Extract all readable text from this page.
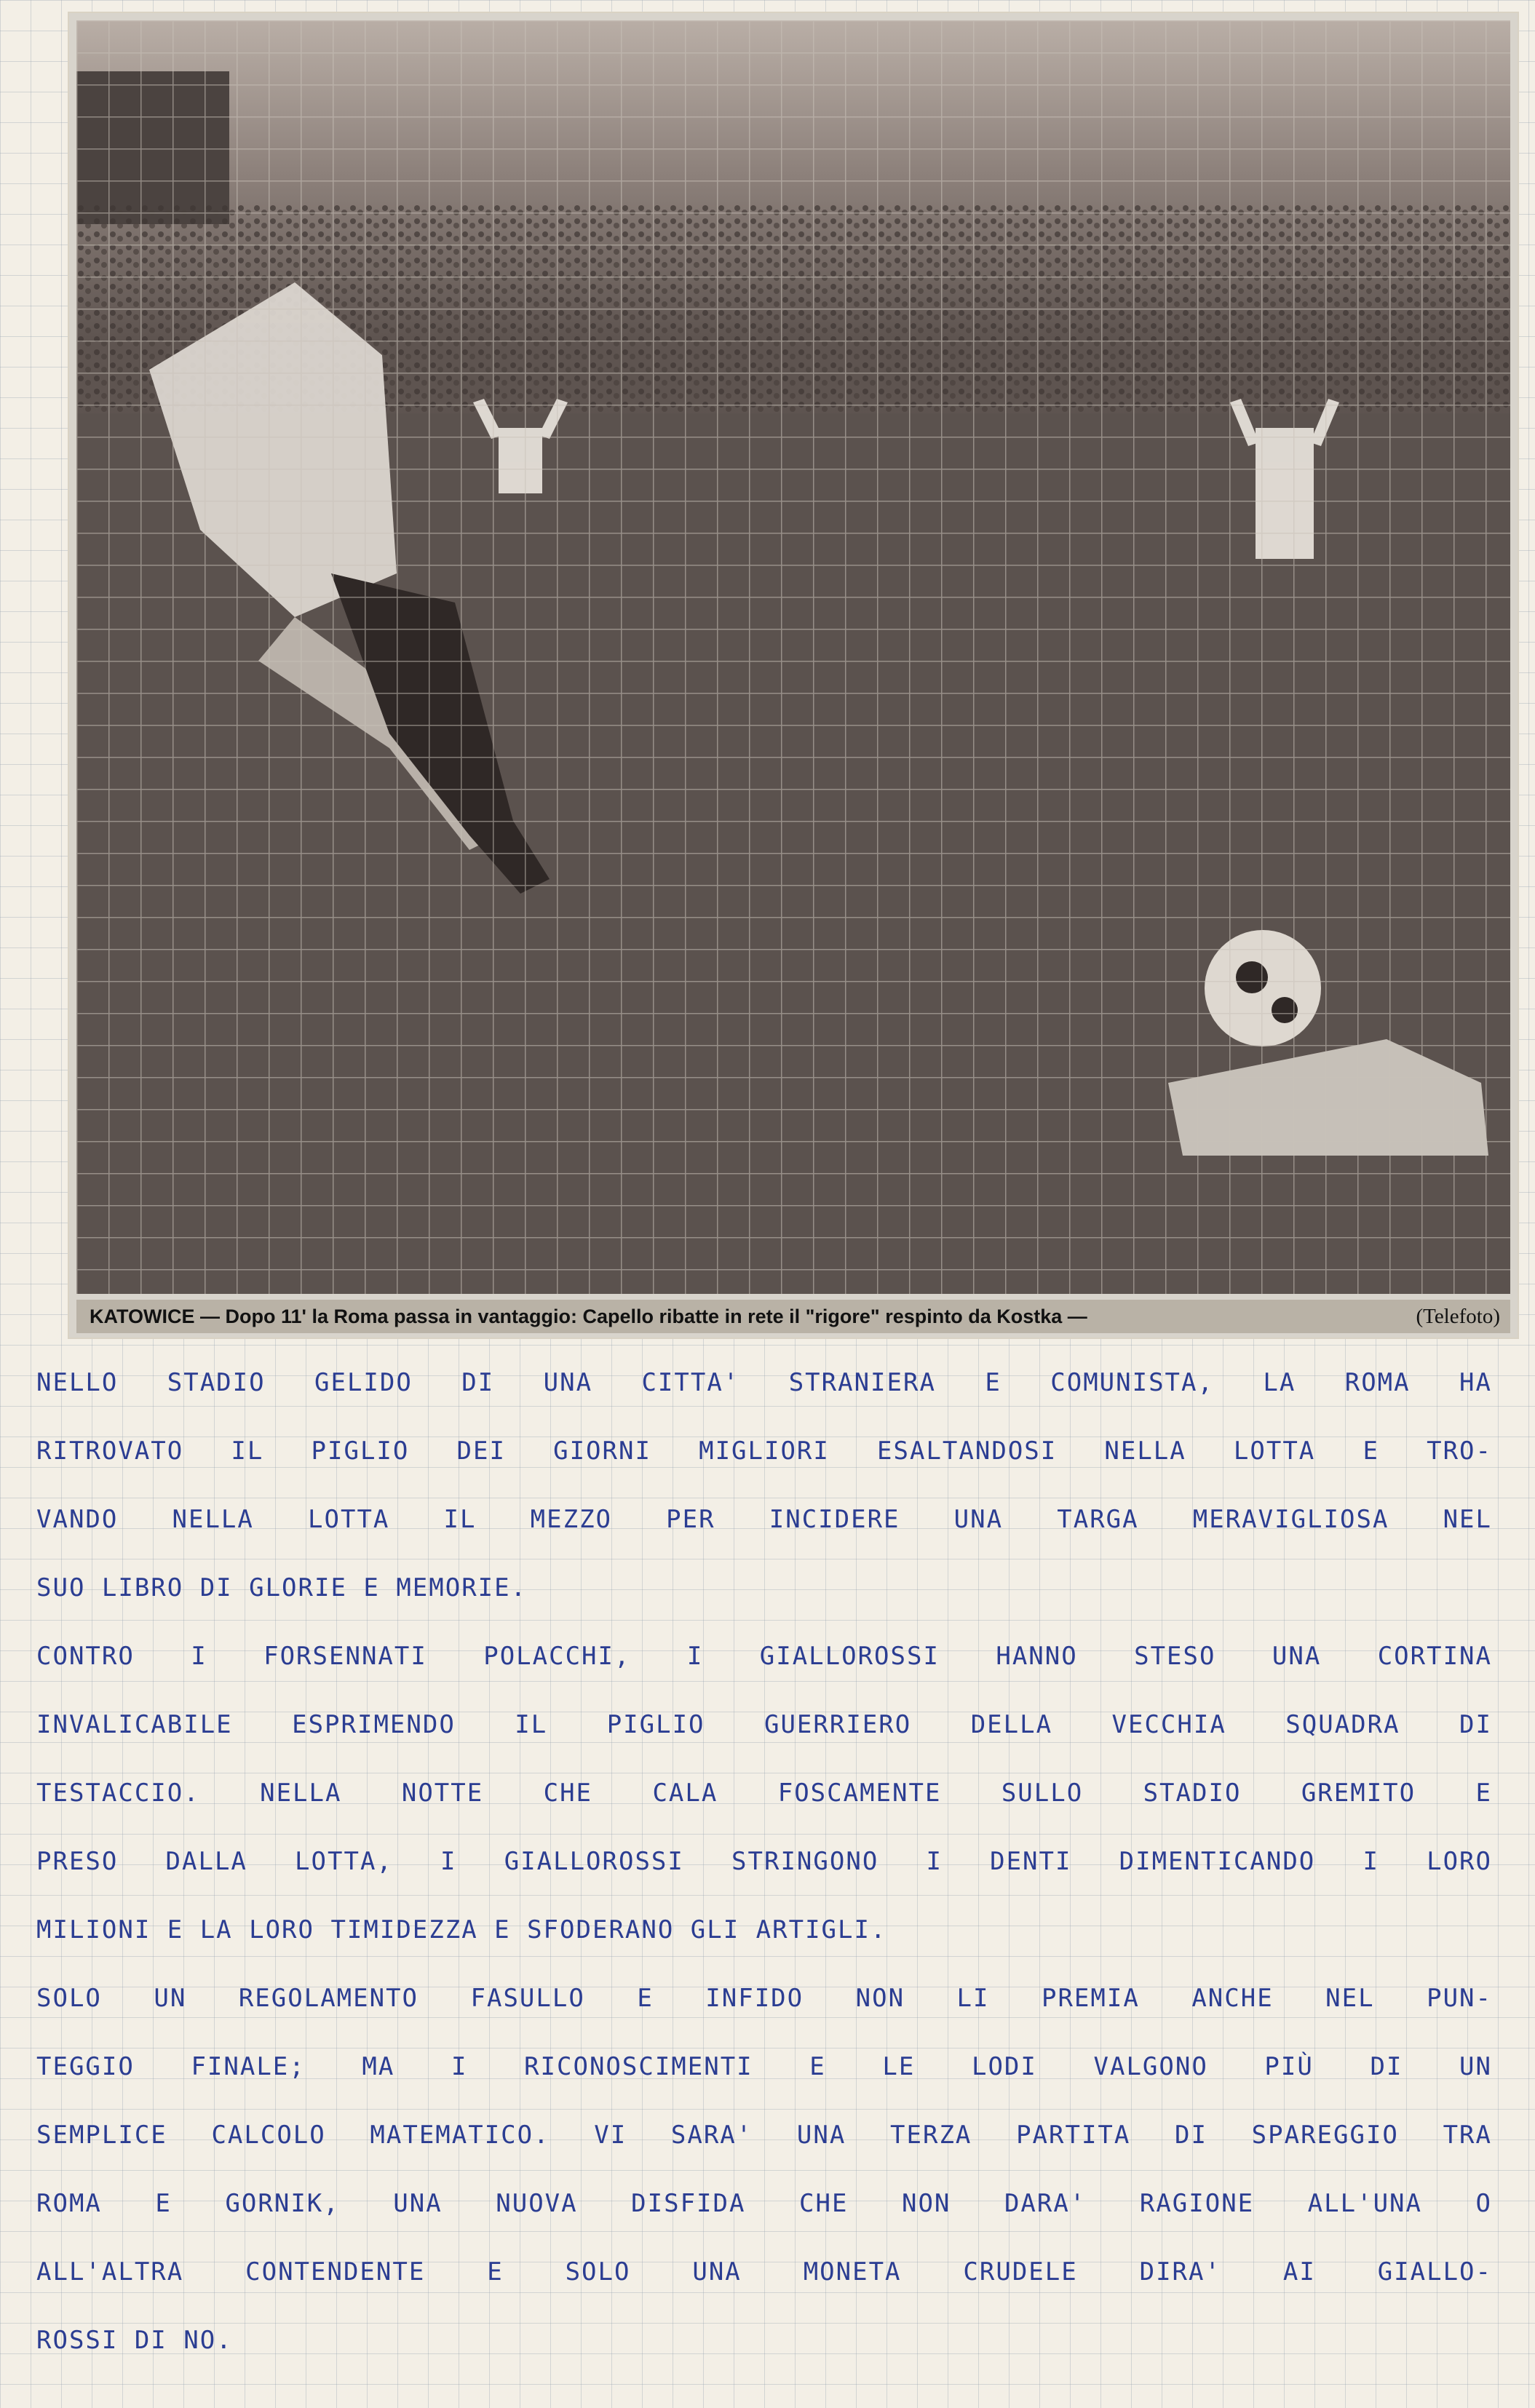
KATOWICE — Dopo 11' la Roma passa in vantaggio: Capello ribatte in rete il "rigore" respinto da Kostka —	(Telefoto)
NELLO STADIO GELIDO DI UNA CITTA' STRANIERA E COMUNISTA, LA ROMA HA
RITROVATO IL PIGLIO DEI GIORNI MIGLIORI ESALTANDOSI NELLA LOTTA E TRO-
VANDO NELLA LOTTA IL MEZZO PER INCIDERE UNA TARGA MERAVIGLIOSA NEL
SUO LIBRO DI GLORIE E MEMORIE.
CONTRO I FORSENNATI POLACCHI, I GIALLOROSSI HANNO STESO UNA CORTINA
INVALICABILE ESPRIMENDO IL PIGLIO GUERRIERO DELLA VECCHIA SQUADRA DI
TESTACCIO. NELLA NOTTE CHE CALA FOSCAMENTE SULLO STADIO GREMITO E
PRESO DALLA LOTTA, I GIALLOROSSI STRINGONO I DENTI DIMENTICANDO I LORO
MILIONI E LA LORO TIMIDEZZA E SFODERANO GLI ARTIGLI.
SOLO UN REGOLAMENTO FASULLO E INFIDO NON LI PREMIA ANCHE NEL PUN-
TEGGIO FINALE; MA I RICONOSCIMENTI E LE LODI VALGONO PIÙ DI UN
SEMPLICE CALCOLO MATEMATICO. VI SARA' UNA TERZA PARTITA DI SPAREGGIO TRA
ROMA E GORNIK, UNA NUOVA DISFIDA CHE NON DARA' RAGIONE ALL'UNA O
ALL'ALTRA CONTENDENTE E SOLO UNA MONETA CRUDELE DIRA' AI GIALLO-
ROSSI DI NO.
